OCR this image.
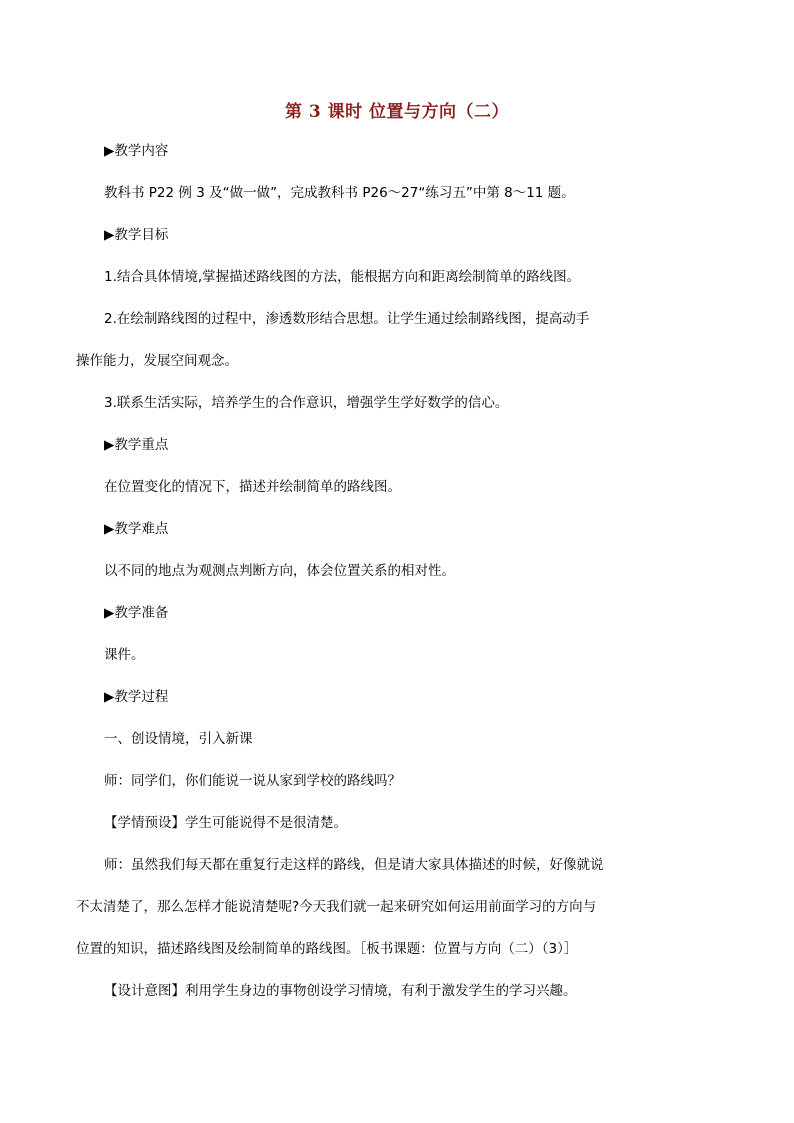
第 3 课时 位置与方向（二）
▶教学内容
教科书 P22 例 3 及“做一做”，完成教科书 P26～27“练习五”中第 8～11 题。
▶教学目标
1.结合具体情境,掌握描述路线图的方法，能根据方向和距离绘制简单的路线图。
2.在绘制路线图的过程中，渗透数形结合思想。让学生通过绘制路线图，提高动手
操作能力，发展空间观念。
3.联系生活实际，培养学生的合作意识，增强学生学好数学的信心。
▶教学重点
在位置变化的情况下，描述并绘制简单的路线图。
▶教学难点
以不同的地点为观测点判断方向，体会位置关系的相对性。
▶教学准备
课件。
▶教学过程
一、创设情境，引入新课
师：同学们，你们能说一说从家到学校的路线吗？
【学情预设】学生可能说得不是很清楚。
师：虽然我们每天都在重复行走这样的路线，但是请大家具体描述的时候，好像就说
不太清楚了，那么怎样才能说清楚呢?今天我们就一起来研究如何运用前面学习的方向与
位置的知识，描述路线图及绘制简单的路线图。［板书课题：位置与方向（二）（3）］
【设计意图】利用学生身边的事物创设学习情境，有利于激发学生的学习兴趣。
